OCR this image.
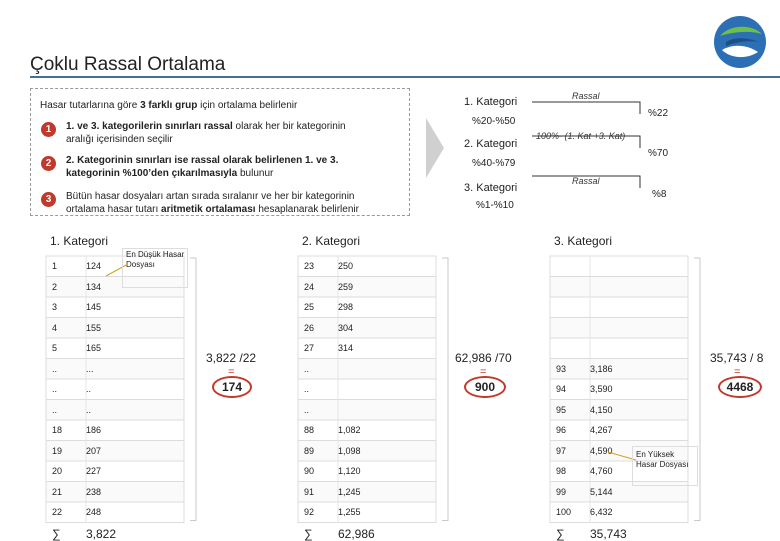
Çoklu Rassal Ortalama
Hasar tutarlarına göre 3 farklı grup için ortalama belirlenir
1	1. ve 3. kategorilerin sınırları rassal olarak her bir kategorinin
aralığı içerisinden seçilir
2	2. Kategorinin sınırları ise rassal olarak belirlenen 1. ve 3.
kategorinin %100’den çıkarılmasıyla bulunur
3	Bütün hasar dosyaları artan sırada sıralanır ve her bir kategorinin
ortalama hasar tutarı aritmetik ortalaması hesaplanarak belirlenir
1. Kategori
%20-%50
2. Kategori
%40-%79
3. Kategori
%1-%10
Rassal
100%- (1. Kat +3. Kat)
Rassal
%22
%70
%8
1. Kategori	2. Kategori	3. Kategori
1	124
2	134
3	145
4	155
5	165
..	...
..	..
..	..
18	186
19	207
20	227
21	238
22	248
∑ 3,822
23	250
24	259
25	298
26	304
27	314
..
..
..
88	1,082
89	1,098
90	1,120
91	1,245
92	1,255
∑ 62,986
93	3,186
94	3,590
95	4,150
96	4,267
97	4,590
98	4,760
99	5,144
100 6,432
∑ 35,743
3,822 /22
=
174
62,986 /70
=
900
35,743 / 8
=
4468
En Düşük Hasar Dosyası
En Yüksek Hasar Dosyası
